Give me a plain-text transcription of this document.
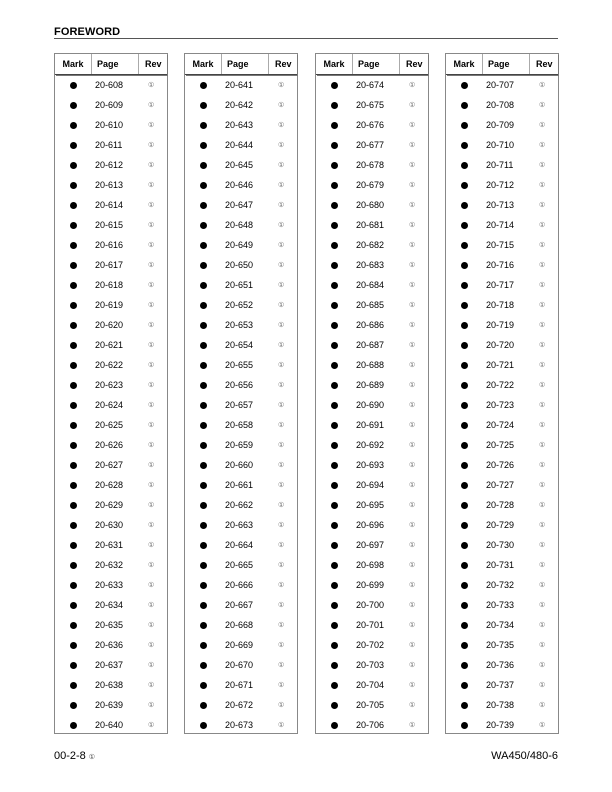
FOREWORD
Mark	Page	Rev
20-608	①
20-609	①
20-610	①
20-611	①
20-612	①
20-613	①
20-614	①
20-615	①
20-616	①
20-617	①
20-618	①
20-619	①
20-620	①
20-621	①
20-622	①
20-623	①
20-624	①
20-625	①
20-626	①
20-627	①
20-628	①
20-629	①
20-630	①
20-631	①
20-632	①
20-633	①
20-634	①
20-635	①
20-636	①
20-637	①
20-638	①
20-639	①
20-640	①
Mark	Page	Rev
20-641	①
20-642	①
20-643	①
20-644	①
20-645	①
20-646	①
20-647	①
20-648	①
20-649	①
20-650	①
20-651	①
20-652	①
20-653	①
20-654	①
20-655	①
20-656	①
20-657	①
20-658	①
20-659	①
20-660	①
20-661	①
20-662	①
20-663	①
20-664	①
20-665	①
20-666	①
20-667	①
20-668	①
20-669	①
20-670	①
20-671	①
20-672	①
20-673	①
Mark	Page	Rev
20-674	①
20-675	①
20-676	①
20-677	①
20-678	①
20-679	①
20-680	①
20-681	①
20-682	①
20-683	①
20-684	①
20-685	①
20-686	①
20-687	①
20-688	①
20-689	①
20-690	①
20-691	①
20-692	①
20-693	①
20-694	①
20-695	①
20-696	①
20-697	①
20-698	①
20-699	①
20-700	①
20-701	①
20-702	①
20-703	①
20-704	①
20-705	①
20-706	①
Mark	Page	Rev
20-707	①
20-708	①
20-709	①
20-710	①
20-711	①
20-712	①
20-713	①
20-714	①
20-715	①
20-716	①
20-717	①
20-718	①
20-719	①
20-720	①
20-721	①
20-722	①
20-723	①
20-724	①
20-725	①
20-726	①
20-727	①
20-728	①
20-729	①
20-730	①
20-731	①
20-732	①
20-733	①
20-734	①
20-735	①
20-736	①
20-737	①
20-738	①
20-739	①
00-2-8 ①	WA450/480-6
